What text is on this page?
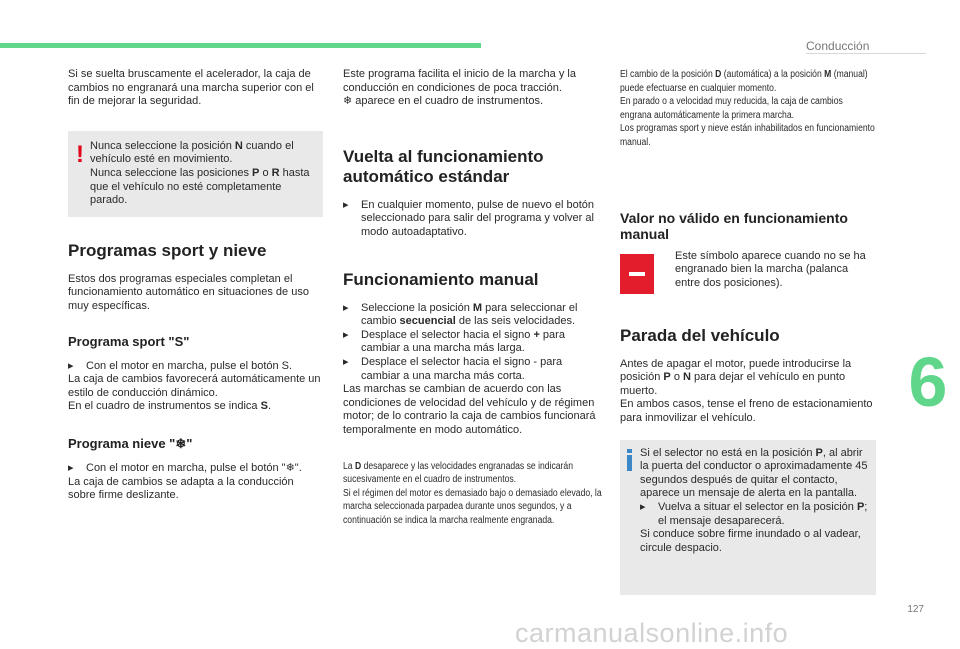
Conducción
6
127
carmanualsonline.info

Si se suelta bruscamente el acelerador, la caja de cambios no engranará una marcha superior con el fin de mejorar la seguridad.

! Nunca seleccione la posición N cuando el vehículo esté en movimiento.

Nunca seleccione las posiciones P o R hasta que el vehículo no esté completamente parado.

Programas sport y nieve

Estos dos programas especiales completan el funcionamiento automático en situaciones de uso muy específicas.

Programa sport "S"

▸ Con el motor en marcha, pulse el botón S.

La caja de cambios favorecerá automáticamente un estilo de conducción dinámico.

En el cuadro de instrumentos se indica S.

Programa nieve "❄"

▸ Con el motor en marcha, pulse el botón "❄".

La caja de cambios se adapta a la conducción sobre firme deslizante.

Este programa facilita el inicio de la marcha y la conducción en condiciones de poca tracción.

❄ aparece en el cuadro de instrumentos.

Vuelta al funcionamiento automático estándar

▸ En cualquier momento, pulse de nuevo el botón seleccionado para salir del programa y volver al modo autoadaptativo.

Funcionamiento manual

▸ Seleccione la posición M para seleccionar el cambio secuencial de las seis velocidades.

▸ Desplace el selector hacia el signo + para cambiar a una marcha más larga.

▸ Desplace el selector hacia el signo - para cambiar a una marcha más corta.

Las marchas se cambian de acuerdo con las condiciones de velocidad del vehículo y de régimen motor; de lo contrario la caja de cambios funcionará temporalmente en modo automático.

La D desaparece y las velocidades engranadas se indicarán sucesivamente en el cuadro de instrumentos.

Si el régimen del motor es demasiado bajo o demasiado elevado, la marcha seleccionada parpadea durante unos segundos, y a continuación se indica la marcha realmente engranada.

El cambio de la posición D (automática) a la posición M (manual) puede efectuarse en cualquier momento.

En parado o a velocidad muy reducida, la caja de cambios engrana automáticamente la primera marcha.

Los programas sport y nieve están inhabilitados en funcionamiento manual.

Valor no válido en funcionamiento manual

Este símbolo aparece cuando no se ha engranado bien la marcha (palanca entre dos posiciones).

Parada del vehículo

Antes de apagar el motor, puede introducirse la posición P o N para dejar el vehículo en punto muerto.

En ambos casos, tense el freno de estacionamiento para inmovilizar el vehículo.

Si el selector no está en la posición P, al abrir la puerta del conductor o aproximadamente 45 segundos después de quitar el contacto, aparece un mensaje de alerta en la pantalla.

▸ Vuelva a situar el selector en la posición P; el mensaje desaparecerá.

Si conduce sobre firme inundado o al vadear, circule despacio.
